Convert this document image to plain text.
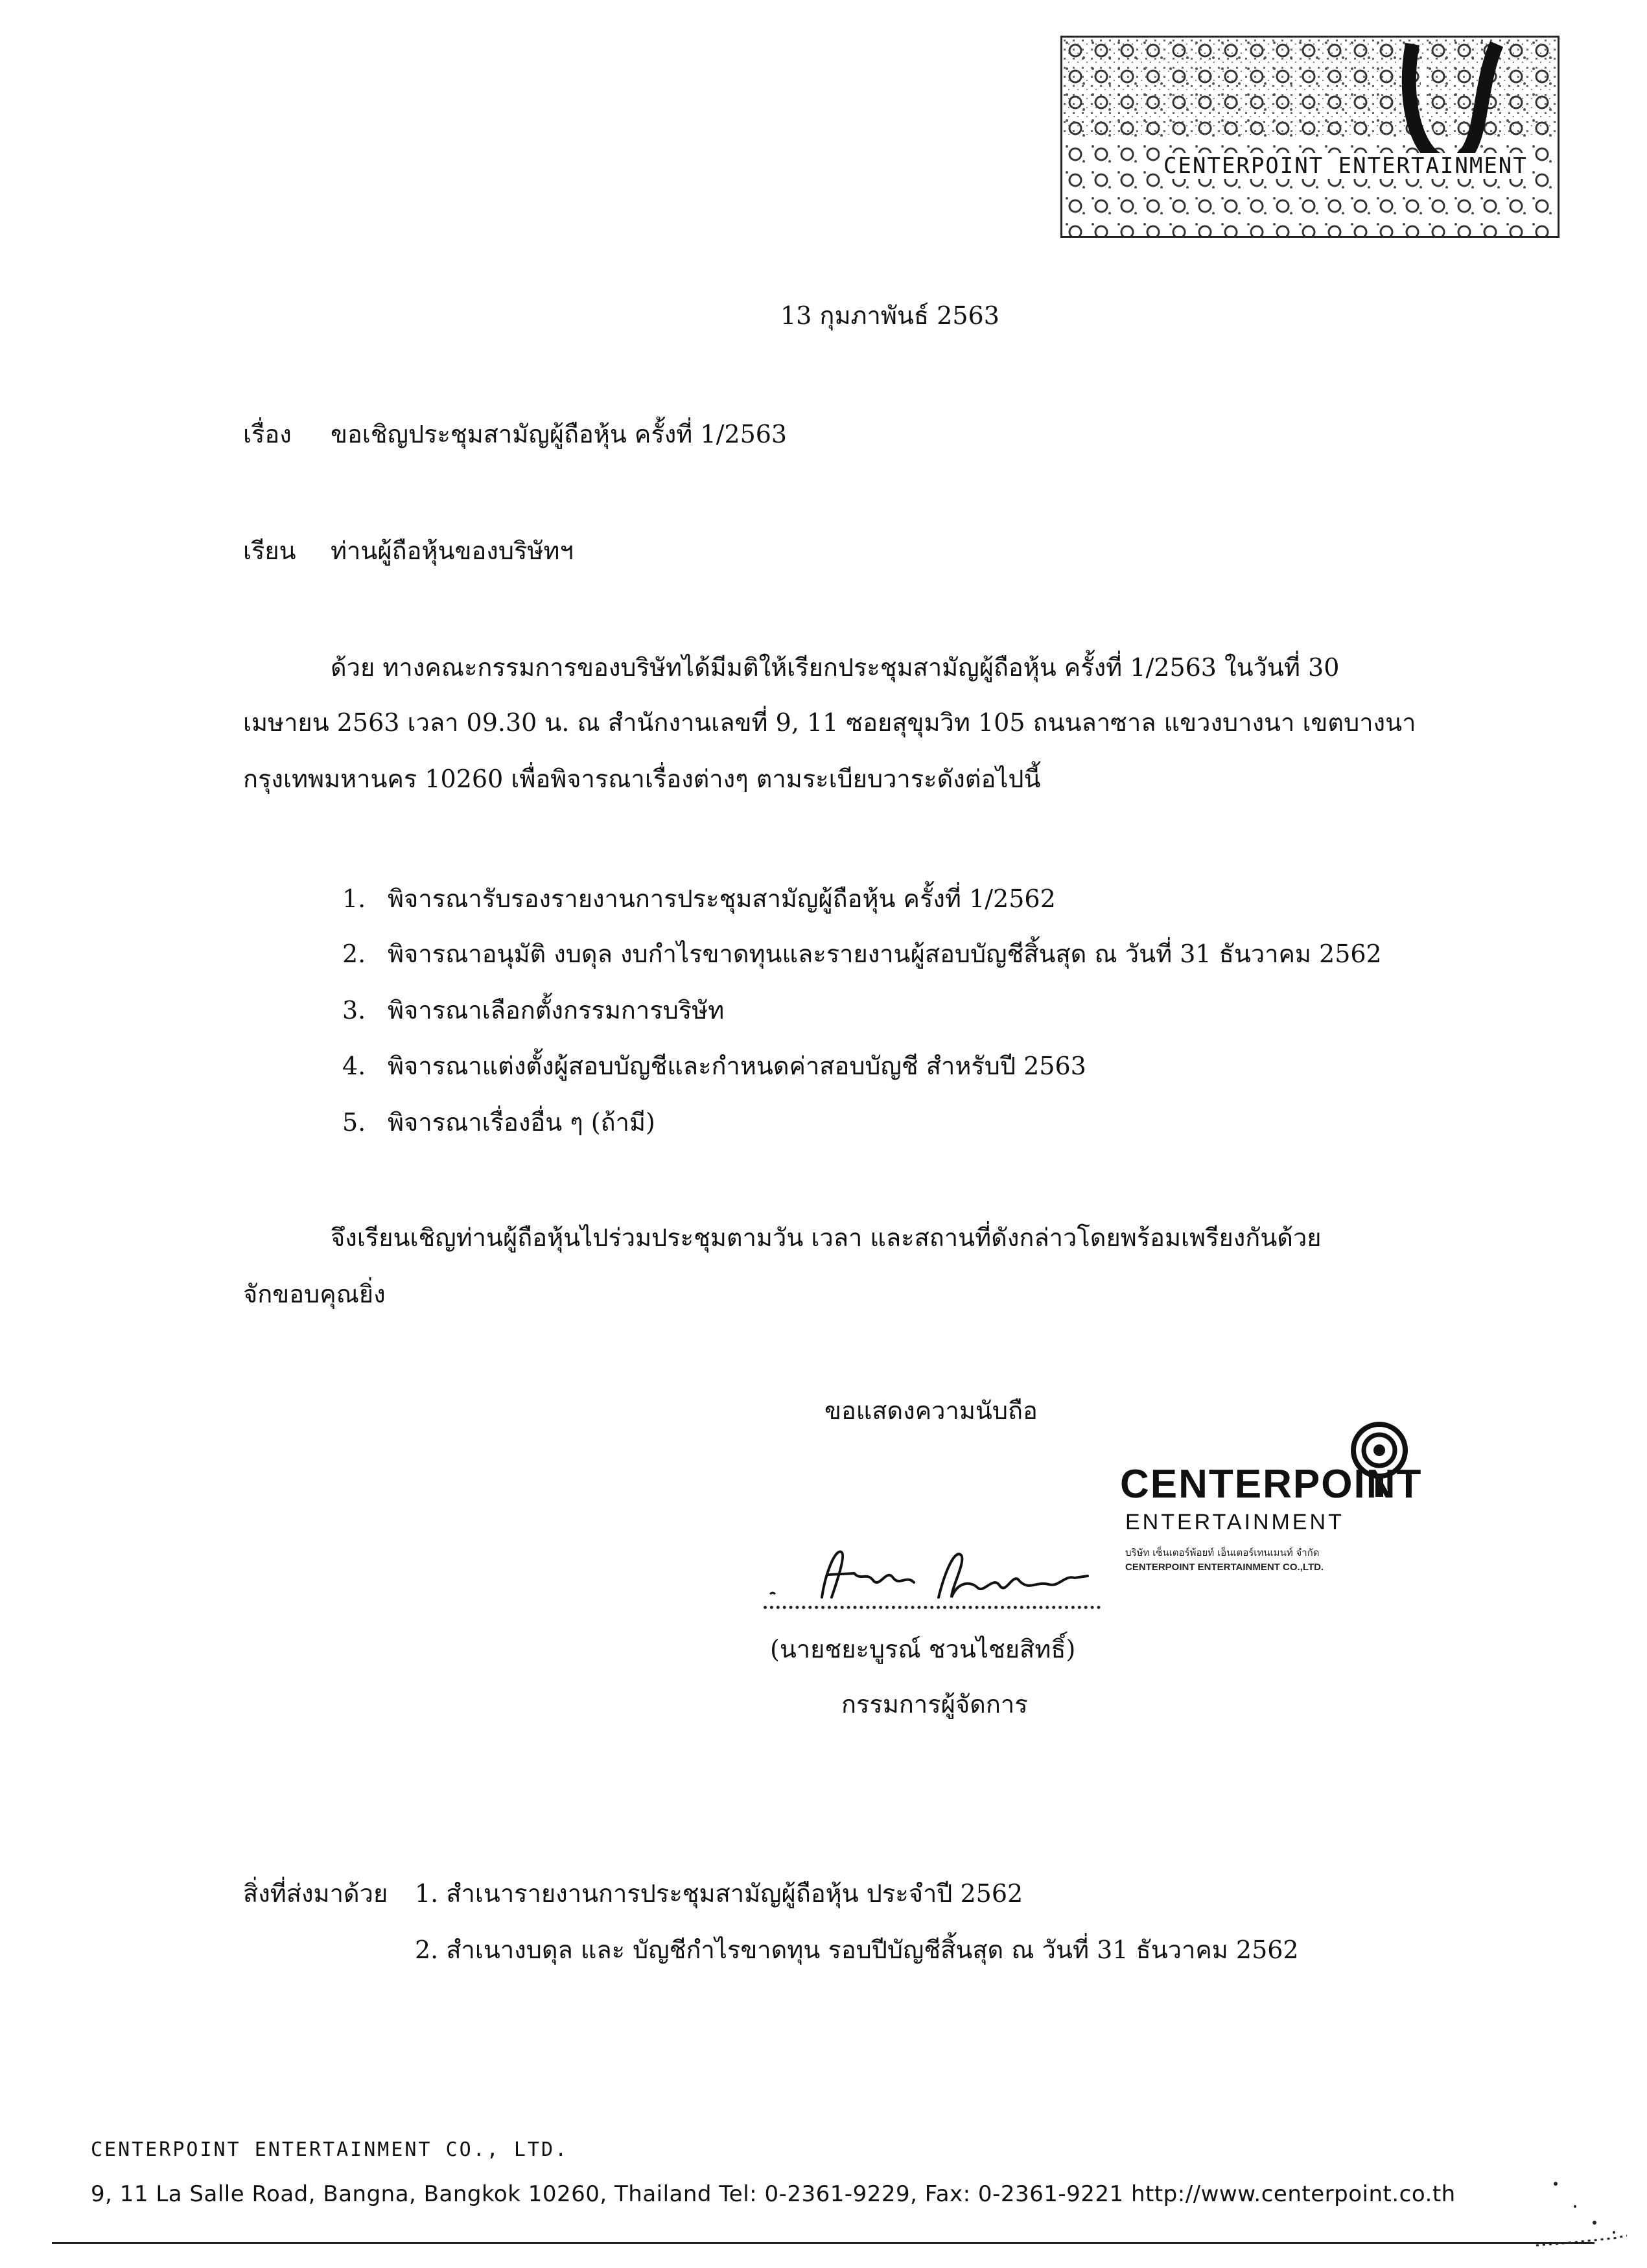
CENTERPOINT ENTERTAINMENT
13 กุมภาพันธ์ 2563
เรื่อง ขอเชิญประชุมสามัญผู้ถือหุ้น ครั้งที่ 1/2563
เรียน ท่านผู้ถือหุ้นของบริษัทฯ
ด้วย ทางคณะกรรมการของบริษัทได้มีมติให้เรียกประชุมสามัญผู้ถือหุ้น ครั้งที่ 1/2563 ในวันที่ 30
เมษายน 2563 เวลา 09.30 น. ณ สำนักงานเลขที่ 9, 11 ซอยสุขุมวิท 105 ถนนลาซาล แขวงบางนา เขตบางนา
กรุงเทพมหานคร 10260 เพื่อพิจารณาเรื่องต่างๆ ตามระเบียบวาระดังต่อไปนี้
1. พิจารณารับรองรายงานการประชุมสามัญผู้ถือหุ้น ครั้งที่ 1/2562
2. พิจารณาอนุมัติ งบดุล งบกำไรขาดทุนและรายงานผู้สอบบัญชีสิ้นสุด ณ วันที่ 31 ธันวาคม 2562
3. พิจารณาเลือกตั้งกรรมการบริษัท
4. พิจารณาแต่งตั้งผู้สอบบัญชีและกำหนดค่าสอบบัญชี สำหรับปี 2563
5. พิจารณาเรื่องอื่น ๆ (ถ้ามี)
จึงเรียนเชิญท่านผู้ถือหุ้นไปร่วมประชุมตามวัน เวลา และสถานที่ดังกล่าวโดยพร้อมเพรียงกันด้วย
จักขอบคุณยิ่ง
ขอแสดงความนับถือ
CENTERPOINT
ENTERTAINMENT
บริษัท เซ็นเตอร์พ้อยท์ เอ็นเตอร์เทนเมนท์ จำกัด
CENTERPOINT ENTERTAINMENT CO.,LTD.
(นายชยะบูรณ์ ชวนไชยสิทธิ์)
กรรมการผู้จัดการ
สิ่งที่ส่งมาด้วย 1. สำเนารายงานการประชุมสามัญผู้ถือหุ้น ประจำปี 2562
2. สำเนางบดุล และ บัญชีกำไรขาดทุน รอบปีบัญชีสิ้นสุด ณ วันที่ 31 ธันวาคม 2562
CENTERPOINT ENTERTAINMENT CO., LTD.
9, 11 La Salle Road, Bangna, Bangkok 10260, Thailand Tel: 0-2361-9229, Fax: 0-2361-9221 http://www.centerpoint.co.th
